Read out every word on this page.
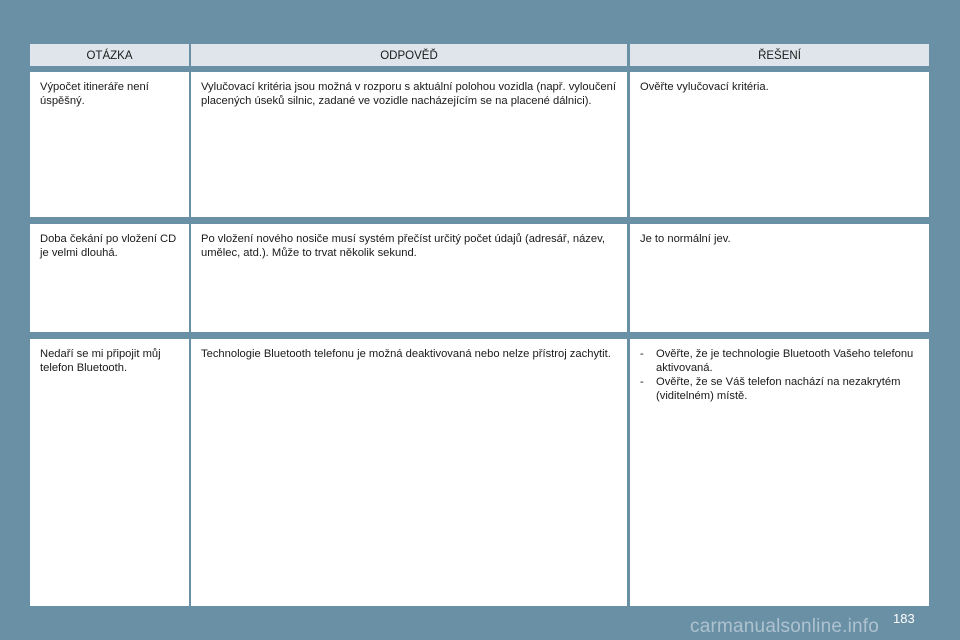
OTÁZKA	ODPOVĚĎ	ŘEŠENÍ
Výpočet itineráře není úspěšný.
Vylučovací kritéria jsou možná v rozporu s aktuální polohou vozidla (např. vyloučení placených úseků silnic, zadané ve vozidle nacházejícím se na placené dálnici).
Ověřte vylučovací kritéria.
Doba čekání po vložení CD je velmi dlouhá.
Po vložení nového nosiče musí systém přečíst určitý počet údajů (adresář, název, umělec, atd.). Může to trvat několik sekund.
Je to normální jev.
Nedaří se mi připojit můj telefon Bluetooth.
Technologie Bluetooth telefonu je možná deaktivovaná nebo nelze přístroj zachytit.
-	Ověřte, že je technologie Bluetooth Vašeho telefonu aktivovaná.
- Ověřte, že se Váš telefon nachází na nezakrytém (viditelném) místě.
carmanualsonline.info 183
